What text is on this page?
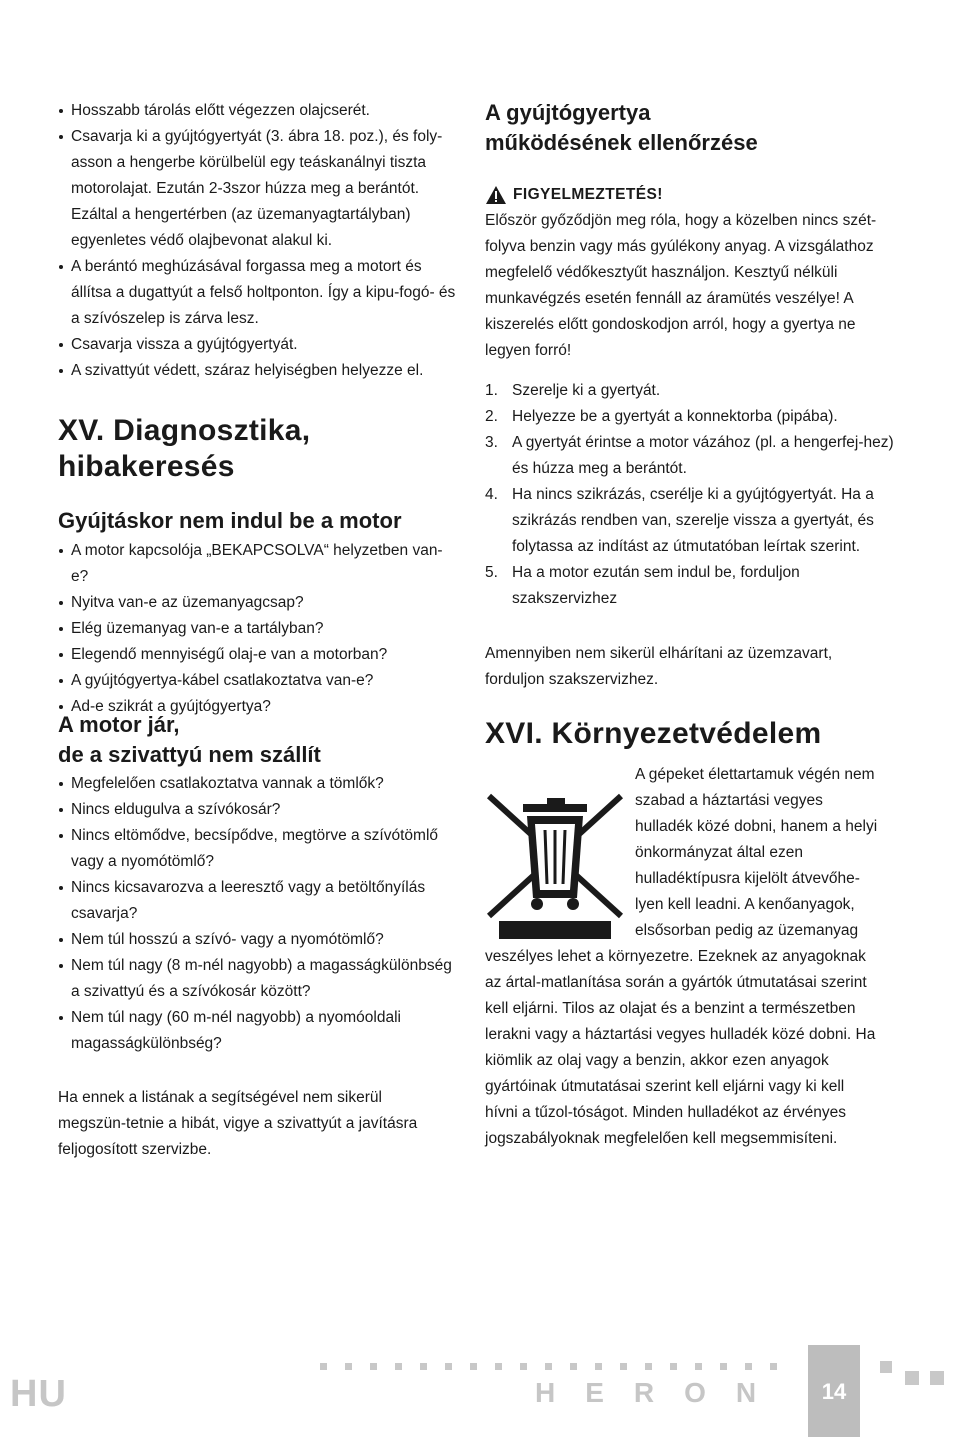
Hosszabb tárolás előtt végezzen olajcserét.
Csavarja ki a gyújtógyertyát (3. ábra 18. poz.), és foly-asson a hengerbe körülbelül egy teáskanálnyi tiszta motorolajat. Ezután 2-3szor húzza meg a berántót. Ezáltal a hengertérben (az üzemanyagtartályban) egyenletes védő olajbevonat alakul ki.
A berántó meghúzásával forgassa meg a motort és állítsa a dugattyút a felső holtponton. Így a kipu-fogó- és a szívószelep is zárva lesz.
Csavarja vissza a gyújtógyertyát.
A szivattyút védett, száraz helyiségben helyezze el.
XV. Diagnosztika,
hibakeresés
Gyújtáskor nem indul be a motor
A motor kapcsolója „BEKAPCSOLVA“ helyzetben van-e?
Nyitva van-e az üzemanyagcsap?
Elég üzemanyag van-e a tartályban?
Elegendő mennyiségű olaj-e van a motorban?
A gyújtógyertya-kábel csatlakoztatva van-e?
Ad-e szikrát a gyújtógyertya?
A motor jár,
de a szivattyú nem szállít
Megfelelően csatlakoztatva vannak a tömlők?
Nincs eldugulva a szívókosár?
Nincs eltömődve, becsípődve, megtörve a szívótömlő vagy a nyomótömlő?
Nincs kicsavarozva a leeresztő vagy a betöltőnyílás csavarja?
Nem túl hosszú a szívó- vagy a nyomótömlő?
Nem túl nagy (8 m-nél nagyobb) a magasságkülönbség a szivattyú és a szívókosár között?
Nem túl nagy (60 m-nél nagyobb) a nyomóoldali magasságkülönbség?

Ha ennek a listának a segítségével nem sikerül megszün-tetnie a hibát, vigye a szivattyút a javításra feljogosított szervizbe.

A gyújtógyertya
működésének ellenőrzése
FIGYELMEZTETÉS!

Először győződjön meg róla, hogy a közelben nincs szét-folyva benzin vagy más gyúlékony anyag. A vizsgálathoz megfelelő védőkesztyűt használjon. Kesztyű nélküli munkavégzés esetén fennáll az áramütés veszélye! A kiszerelés előtt gondoskodjon arról, hogy a gyertya ne legyen forró!

1. Szerelje ki a gyertyát.
2. Helyezze be a gyertyát a konnektorba (pipába).
3. A gyertyát érintse a motor vázához (pl. a hengerfej-hez) és húzza meg a berántót.
4. Ha nincs szikrázás, cserélje ki a gyújtógyertyát. Ha a szikrázás rendben van, szerelje vissza a gyertyát, és folytassa az indítást az útmutatóban leírtak szerint.
5. Ha a motor ezután sem indul be, forduljon szakszervizhez

Amennyiben nem sikerül elhárítani az üzemzavart, forduljon szakszervizhez.

XVI. Környezetvédelem

A gépeket élettartamuk végén nem szabad a háztartási vegyes hulladék közé dobni, hanem a helyi önkormányzat által ezen hulladéktípusra kijelölt átvevőhe-lyen kell leadni. A kenőanyagok, elsősorban pedig az üzemanyag veszélyes lehet a környezetre. Ezeknek az anyagoknak az ártal-matlanítása során a gyártók útmutatásai szerint kell eljárni. Tilos az olajat és a benzint a természetben lerakni vagy a háztartási vegyes hulladék közé dobni. Ha kiömlik az olaj vagy a benzin, akkor ezen anyagok gyártóinak útmutatásai szerint kell eljárni vagy ki kell hívni a tűzol-tóságot. Minden hulladékot az érvényes jogszabályoknak megfelelően kell megsemmisíteni.

HU	HERON	14
